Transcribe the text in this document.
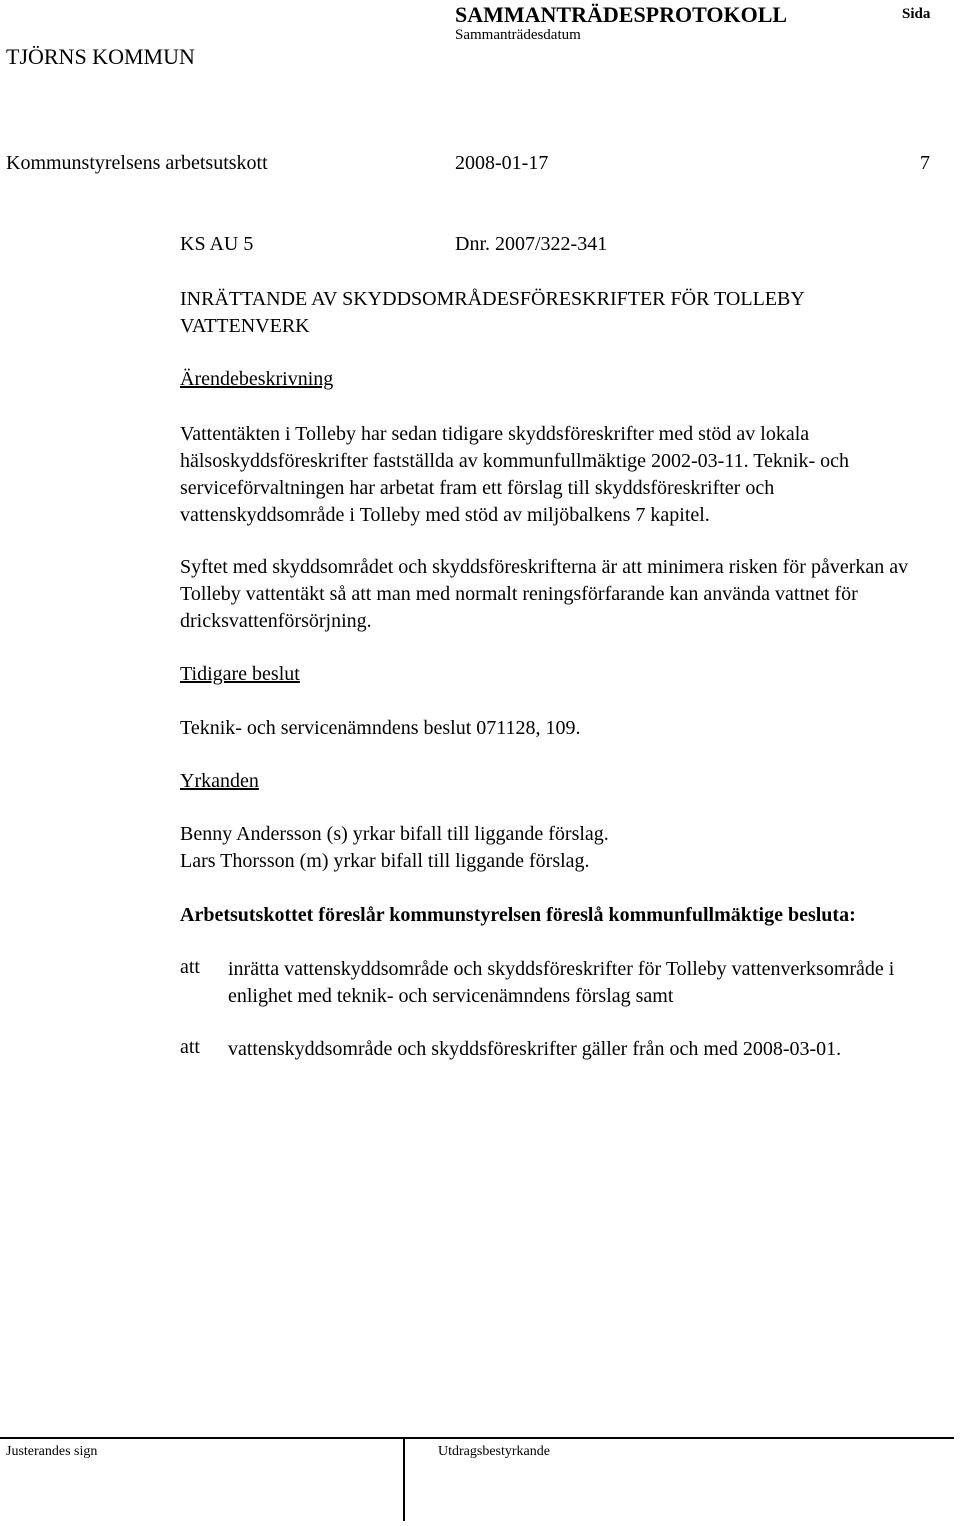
SAMMANTRÄDESPROTOKOLL	Sida
Sammanträdesdatum
TJÖRNS KOMMUN
Kommunstyrelsens arbetsutskott	2008-01-17	7
KS AU 5	Dnr. 2007/322-341
INRÄTTANDE AV SKYDDSOMRÅDESFÖRESKRIFTER FÖR TOLLEBY
VATTENVERK
Ärendebeskrivning
Vattentäkten i Tolleby har sedan tidigare skyddsföreskrifter med stöd av lokala hälsoskyddsföreskrifter fastställda av kommunfullmäktige 2002-03-11. Teknik- och serviceförvaltningen har arbetat fram ett förslag till skyddsföreskrifter och vattenskyddsområde i Tolleby med stöd av miljöbalkens 7 kapitel.
Syftet med skyddsområdet och skyddsföreskrifterna är att minimera risken för påverkan av Tolleby vattentäkt så att man med normalt reningsförfarande kan använda vattnet för dricksvattenförsörjning.
Tidigare beslut
Teknik- och servicenämndens beslut 071128, 109.
Yrkanden
Benny Andersson (s) yrkar bifall till liggande förslag.
Lars Thorsson (m) yrkar bifall till liggande förslag.
Arbetsutskottet föreslår kommunstyrelsen föreslå kommunfullmäktige besluta:
att inrätta vattenskyddsområde och skyddsföreskrifter för Tolleby vattenverksområde i enlighet med teknik- och servicenämndens förslag samt
att vattenskyddsområde och skyddsföreskrifter gäller från och med 2008-03-01.
Justerandes sign	Utdragsbestyrkande
